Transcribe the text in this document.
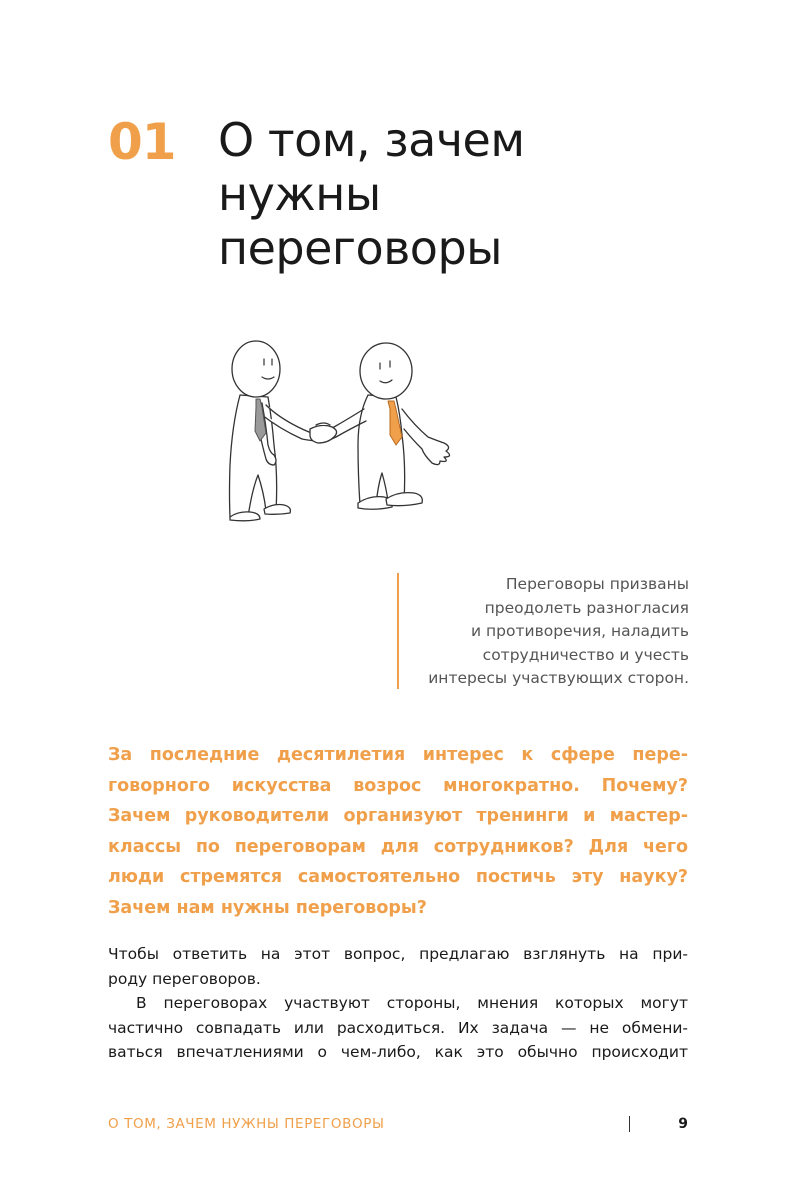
01 О том, зачем
нужны
переговоры

Переговоры призваны
преодолеть разногласия
и противоречия, наладить
сотрудничество и учесть
интересы участвующих сторон.

За последние десятилетия интерес к сфере пере-
говорного искусства возрос многократно. Почему?
Зачем руководители организуют тренинги и мастер-
классы по переговорам для сотрудников? Для чего
люди стремятся самостоятельно постичь эту науку?
Зачем нам нужны переговоры?
Чтобы ответить на этот вопрос, предлагаю взглянуть на при-
роду переговоров.
В переговорах участвуют стороны, мнения которых могут
частично совпадать или расходиться. Их задача — не обмени-
ваться впечатлениями о чем-либо, как это обычно происходит
О ТОМ, ЗАЧЕМ НУЖНЫ ПЕРЕГОВОРЫ	9
